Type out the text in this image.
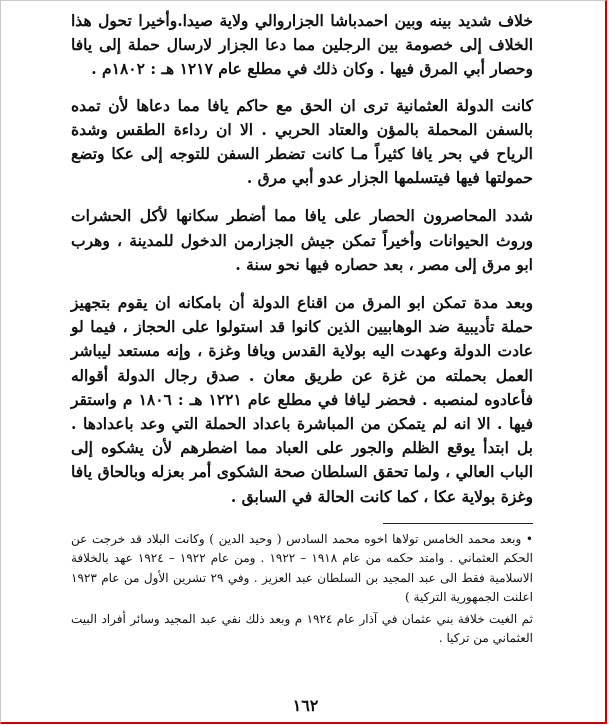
خلاف شديد بينه وبين احمدباشا الجزاروالي ولاية صيدا.وأخيرا تحول هذا الخلاف إلى خصومة بين الرجلين مما دعا الجزار لارسال حملة إلى يافا وحصار أبي المرق فيها . وكان ذلك في مطلع عام ١٢١٧ هـ : ١٨٠٢م .

كانت الدولة العثمانية ترى ان الحق مع حاكم يافا مما دعاها لأن تمده بالسفن المحملة بالمؤن والعتاد الحربي . الا ان رداءة الطقس وشدة الرياح في بحر يافا كثيراً مـا كانت تضطر السفن للتوجه إلى عكا وتضع حمولتها فيها فيتسلمها الجزار عدو أبي مرق .

شدد المحاصرون الحصار على يافا مما أضطر سكانها لأكل الحشرات وروث الحيوانات وأخيراً تمكن جيش الجزارمن الدخول للمدينة ، وهرب ابو مرق إلى مصر ، بعد حصاره فيها نحو سنة .

وبعد مدة تمكن ابو المرق من اقناع الدولة أن بامكانه ان يقوم بتجهيز حملة تأديبية ضد الوهابيين الذين كانوا قد استولوا على الحجاز ، فيما لو عادت الدولة وعهدت اليه بولاية القدس ويافا وغزة ، وإنه مستعد ليباشر العمل بحملته من غزة عن طريق معان . صدق رجال الدولة أقواله فأعادوه لمنصبه . فحضر ليافا في مطلع عام ١٢٢١ هـ : ١٨٠٦ م واستقر فيها . الا انه لم يتمكن من المباشرة باعداد الحملة التي وعد باعدادها . بل ابتدأ يوقع الظلم والجور على العباد مما اضطرهم لأن يشكوه إلى الباب العالي ، ولما تحقق السلطان صحة الشكوى أمر بعزله وبالحاق يافا وغزة بولاية عكا ، كما كانت الحالة في السابق .

• وبعد محمد الخامس تولاها اخوه محمد السادس ( وحيد الدين ) وكانت البلاد قد خرجت عن الحكم العثماني . وامتد حكمه من عام ١٩١٨ – ١٩٢٢ . ومن عام ١٩٢٢ – ١٩٢٤ عهد بالخلافة الاسلامية فقط الى عبد المجيد بن السلطان عبد العزيز . وفي ٢٩ تشرين الأول من عام ١٩٢٣ اعلنت الجمهورية التركية )

ثم الغيت خلافة بني عثمان في آذار عام ١٩٢٤ م وبعد ذلك نفي عبد المجيد وسائر أفراد البيت العثماني من تركيا .

١٦٢
